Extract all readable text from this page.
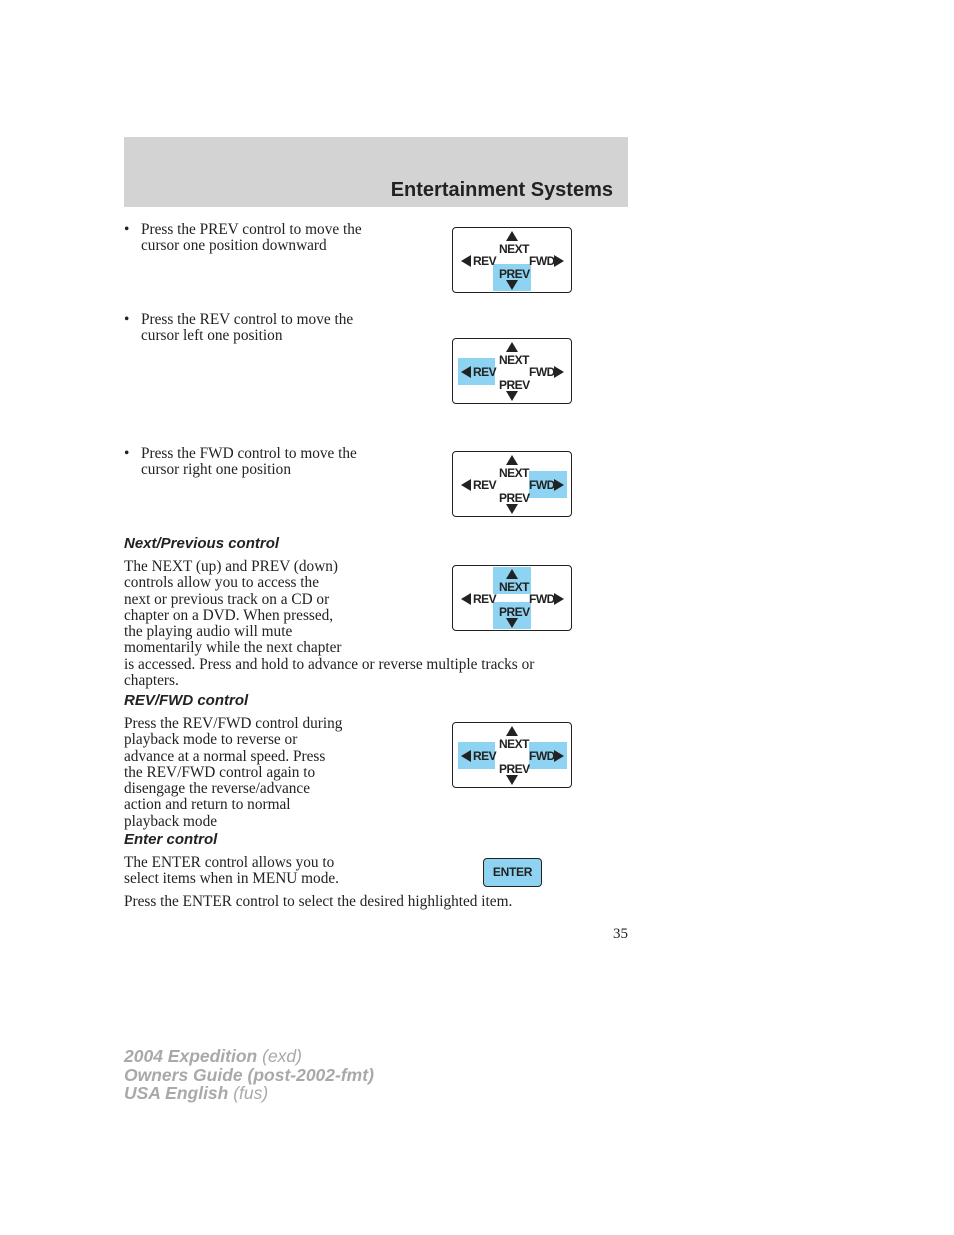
Entertainment Systems
• Press the PREV control to move the cursor one position downward
• Press the REV control to move the cursor left one position
• Press the FWD control to move the cursor right one position
NEXT
PREV
REV	FWD
NEXT
PREV
REV	FWD
NEXT
PREV
REV	FWD
NEXT
PREV
REV	FWD
NEXT
PREV
REV	FWD
Next/Previous control
The NEXT (up) and PREV (down)
controls allow you to access the
next or previous track on a CD or
chapter on a DVD. When pressed,
the playing audio will mute
momentarily while the next chapter
is accessed. Press and hold to advance or reverse multiple tracks or
chapters.
REV/FWD control
Press the REV/FWD control during
playback mode to reverse or
advance at a normal speed. Press
the REV/FWD control again to
disengage the reverse/advance
action and return to normal
playback mode
Enter control
The ENTER control allows you to
select items when in MENU mode.	ENTER
Press the ENTER control to select the desired highlighted item.
35
2004 Expedition (exd)
Owners Guide (post-2002-fmt)
USA English (fus)
